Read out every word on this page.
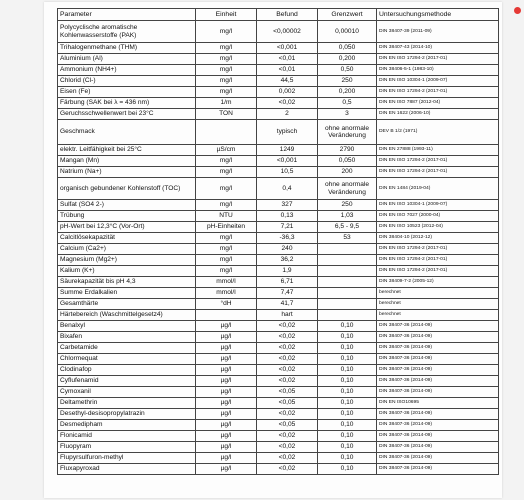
Parameter	Einheit	Befund	Grenzwert	Untersuchungsmethode
Polycyclische aromatische Kohlenwasserstoffe (PAK)	mg/l	<0,00002	0,00010	DIN 38407-39 (2011-09)
Trihalogenmethane (THM)	mg/l	<0,001	0,050	DIN 38407-43 (2014-10)
Aluminium (Al)	mg/l	<0,01	0,200	DIN EN ISO 17294-2 (2017-01)
Ammonium (NH4+)	mg/l	<0,01	0,50	DIN 38406-5-1 (1983-10)
Chlorid (Cl-)	mg/l	44,5	250	DIN EN ISO 10304-1 (2009-07)
Eisen (Fe)	mg/l	0,002	0,200	DIN EN ISO 17294-2 (2017-01)
Färbung (SAK bei λ = 436 nm)	1/m	<0,02	0,5	DIN EN ISO 7887 (2012-04)
Geruchsschwellenwert bei 23°C	TON	2	3	DIN EN 1622 (2006-10)
Geschmack		typisch	ohne anormale Veränderung	DEV B 1/2 (1971)
elektr. Leitfähigkeit bei 25°C	µS/cm	1249	2790	DIN EN 27888 (1993-11)
Mangan (Mn)	mg/l	<0,001	0,050	DIN EN ISO 17294-2 (2017-01)
Natrium (Na+)	mg/l	10,5	200	DIN EN ISO 17294-2 (2017-01)
organisch gebundener Kohlenstoff (TOC)	mg/l	0,4	ohne anormale Veränderung	DIN EN 1484 (2019-04)
Sulfat (SO4 2-)	mg/l	327	250	DIN EN ISO 10304-1 (2009-07)
Trübung	NTU	0,13	1,03	DIN EN ISO 7027 (2000-04)
pH-Wert bei 12,3°C (Vor-Ort)	pH-Einheiten	7,21	6,5 - 9,5	DIN EN ISO 10523 (2012-04)
Calcitlösekapazität	mg/l	-36,3	53	DIN 38404-10 (2012-12)
Calcium (Ca2+)	mg/l	240		DIN EN ISO 17294-2 (2017-01)
Magnesium (Mg2+)	mg/l	36,2		DIN EN ISO 17294-2 (2017-01)
Kalium (K+)	mg/l	1,9		DIN EN ISO 17294-2 (2017-01)
Säurekapazität bis pH 4,3	mmol/l	6,71		DIN 38409-7-2 (2005-12)
Summe Erdalkalien	mmol/l	7,47		berechnet
Gesamthärte	°dH	41,7		berechnet
Härtebereich (Waschmittelgesetz4)		hart		berechnet
Benalxyl	µg/l	<0,02	0,10	DIN 38407-36 (2014-09)
Bixafen	µg/l	<0,02	0,10	DIN 38407-36 (2014-09)
Carbetamide	µg/l	<0,02	0,10	DIN 38407-36 (2014-09)
Chlormequat	µg/l	<0,02	0,10	DIN 38407-36 (2014-09)
Clodinafop	µg/l	<0,02	0,10	DIN 38407-36 (2014-09)
Cyflufenamid	µg/l	<0,02	0,10	DIN 38407-36 (2014-09)
Cymoxanil	µg/l	<0,05	0,10	DIN 38407-36 (2014-09)
Deltamethrin	µg/l	<0,05	0,10	DIN EN ISO10695
Desethyl-desisopropylatrazin	µg/l	<0,02	0,10	DIN 38407-36 (2014-09)
Desmedipham	µg/l	<0,05	0,10	DIN 38407-36 (2014-09)
Flonicamid	µg/l	<0,02	0,10	DIN 38407-36 (2014-09)
Fluopyram	µg/l	<0,02	0,10	DIN 38407-36 (2014-09)
Flupyrsulfuron-methyl	µg/l	<0,02	0,10	DIN 38407-36 (2014-09)
Fluxapyroxad	µg/l	<0,02	0,10	DIN 38407-36 (2014-09)
